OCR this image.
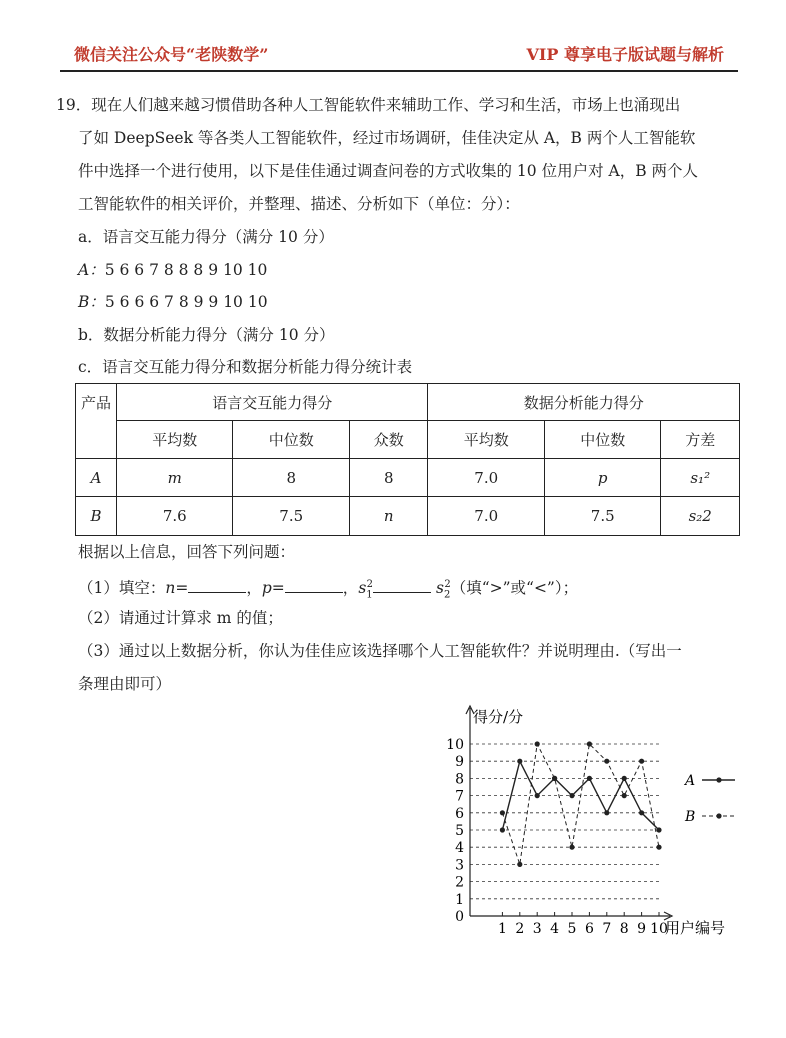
微信关注公众号“老陕数学”	VIP 尊享电子版试题与解析
19．现在人们越来越习惯借助各种人工智能软件来辅助工作、学习和生活，市场上也涌现出
了如 DeepSeek 等各类人工智能软件，经过市场调研，佳佳决定从 A，B 两个人工智能软
件中选择一个进行使用，以下是佳佳通过调查问卷的方式收集的 10 位用户对 A，B 两个人
工智能软件的相关评价，并整理、描述、分析如下（单位：分）：
a．语言交互能力得分（满分 10 分）
A：5 6 6 7 8 8 8 9 10 10
B：5 6 6 6 7 8 9 9 10 10
b．数据分析能力得分（满分 10 分）
c．语言交互能力得分和数据分析能力得分统计表
产品	语言交互能力得分			数据分析能力得分		
	平均数	中位数	众数	平均数	中位数	方差
A	m	8	8	7.0	p	s₁²
B	7.6	7.5	n	7.0	7.5	s₂2
根据以上信息，回答下列问题：
（1）填空：n=	，p=	，$s_1^2$	$s_2^2$（填“>”或“<”）；
（2）请通过计算求 m 的值；
（3）通过以上数据分析，你认为佳佳应该选择哪个人工智能软件？并说明理由.（写出一
条理由即可）
0
1
2
3
4
5
6
7
8
9
10
1 2 3 4 5 6 7 8 9 10
得分/分
用户编号
A
B
